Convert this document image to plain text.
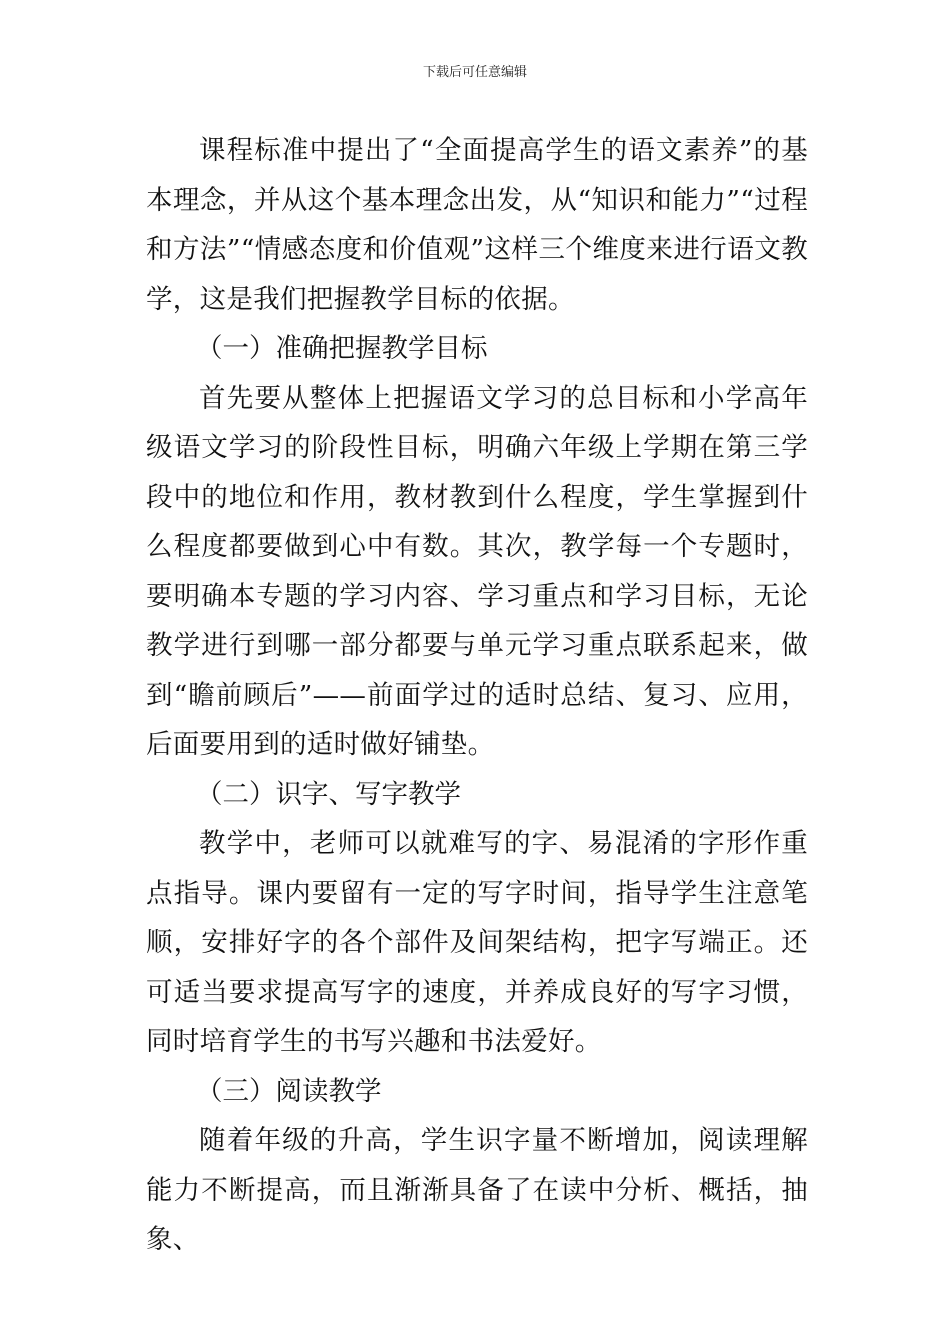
下载后可任意编辑

课程标准中提出了“全面提高学生的语文素养”的基本理念，并从这个基本理念出发，从“知识和能力”“过程和方法”“情感态度和价值观”这样三个维度来进行语文教学，这是我们把握教学目标的依据。

（一）准确把握教学目标

首先要从整体上把握语文学习的总目标和小学高年级语文学习的阶段性目标，明确六年级上学期在第三学段中的地位和作用，教材教到什么程度，学生掌握到什么程度都要做到心中有数。其次，教学每一个专题时，要明确本专题的学习内容、学习重点和学习目标，无论教学进行到哪一部分都要与单元学习重点联系起来，做到“瞻前顾后”——前面学过的适时总结、复习、应用，后面要用到的适时做好铺垫。

（二）识字、写字教学

教学中，老师可以就难写的字、易混淆的字形作重点指导。课内要留有一定的写字时间，指导学生注意笔顺，安排好字的各个部件及间架结构，把字写端正。还可适当要求提高写字的速度，并养成良好的写字习惯，同时培育学生的书写兴趣和书法爱好。

（三）阅读教学

随着年级的升高，学生识字量不断增加，阅读理解能力不断提高，而且渐渐具备了在读中分析、概括，抽象、
